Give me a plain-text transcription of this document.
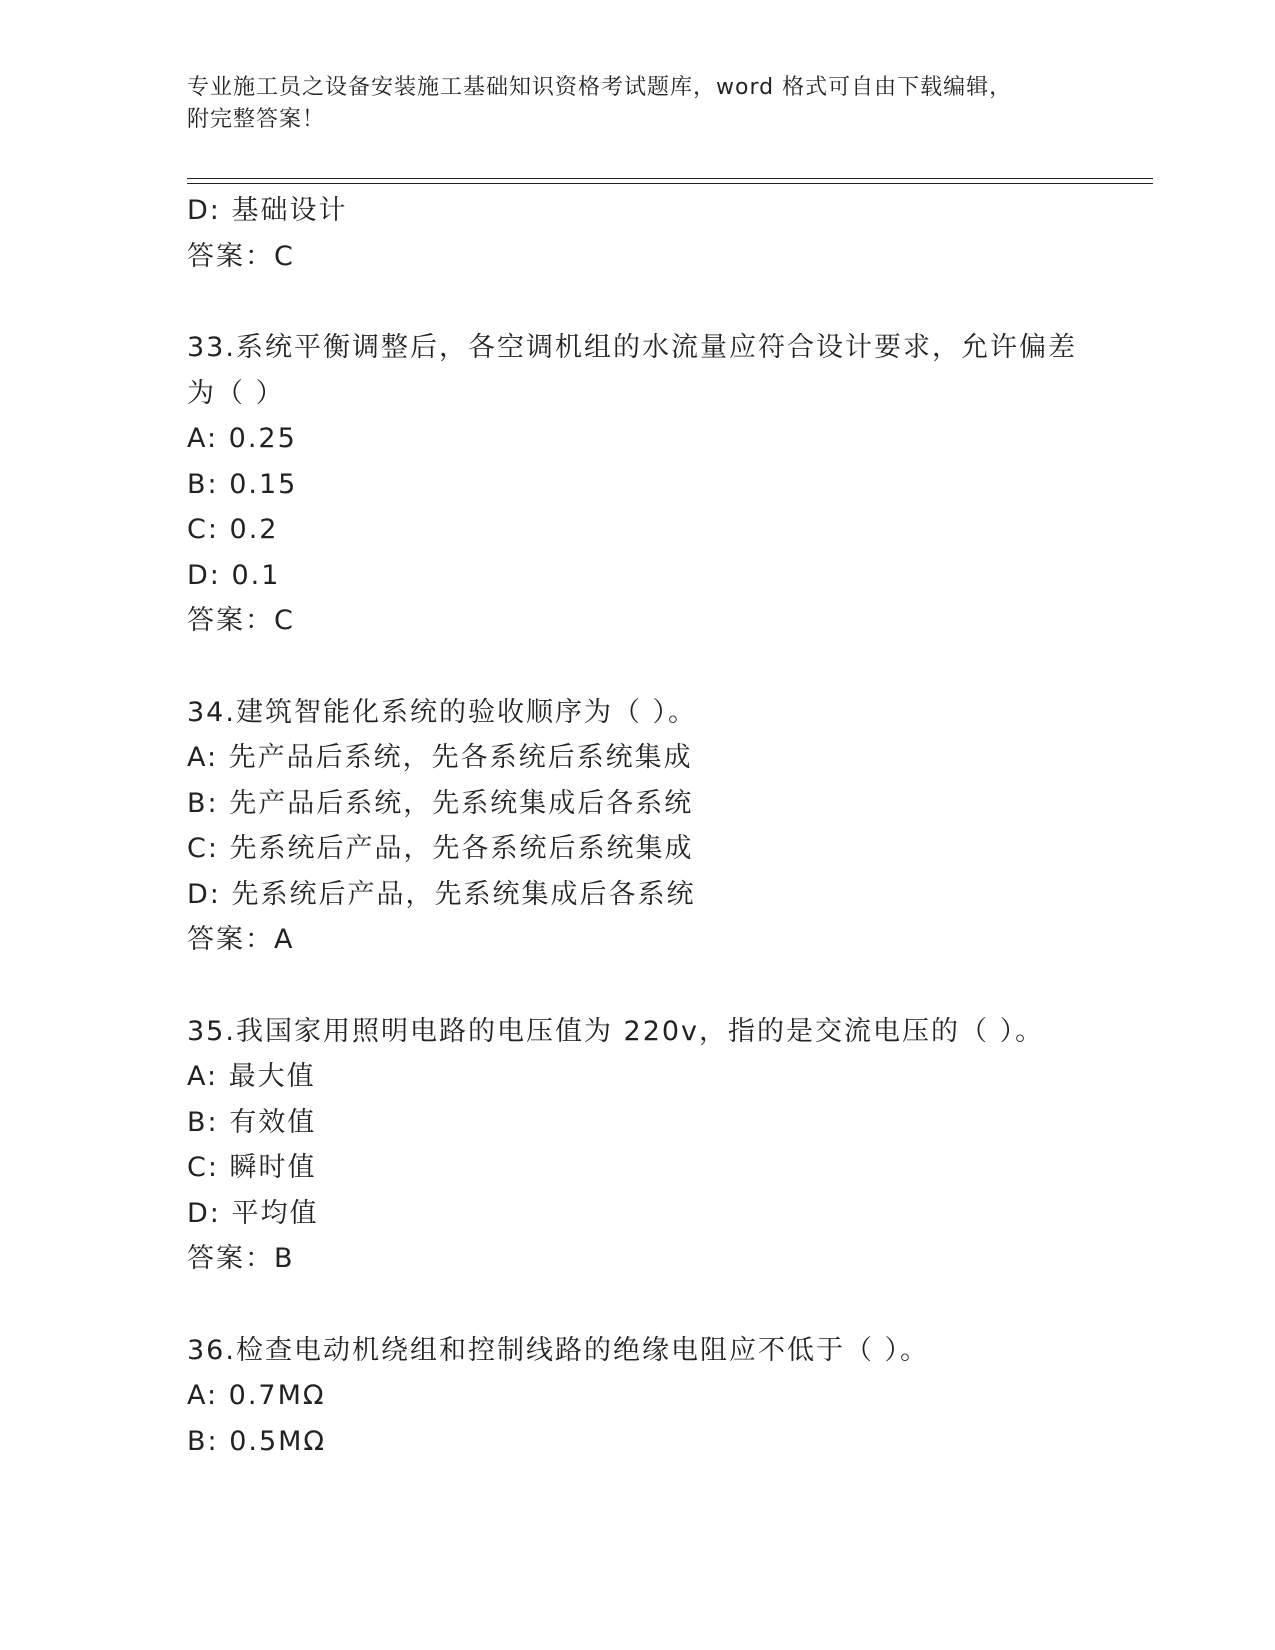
专业施工员之设备安装施工基础知识资格考试题库，word 格式可自由下载编辑，
附完整答案！
D: 基础设计
答案：C
33.系统平衡调整后，各空调机组的水流量应符合设计要求，允许偏差
为（ ）
A: 0.25
B: 0.15
C: 0.2
D: 0.1
答案：C
34.建筑智能化系统的验收顺序为（ ）。
A: 先产品后系统，先各系统后系统集成
B: 先产品后系统，先系统集成后各系统
C: 先系统后产品，先各系统后系统集成
D: 先系统后产品，先系统集成后各系统
答案：A
35.我国家用照明电路的电压值为 220v，指的是交流电压的（ ）。
A: 最大值
B: 有效值
C: 瞬时值
D: 平均值
答案：B
36.检查电动机绕组和控制线路的绝缘电阻应不低于（ ）。
A: 0.7MΩ
B: 0.5MΩ
